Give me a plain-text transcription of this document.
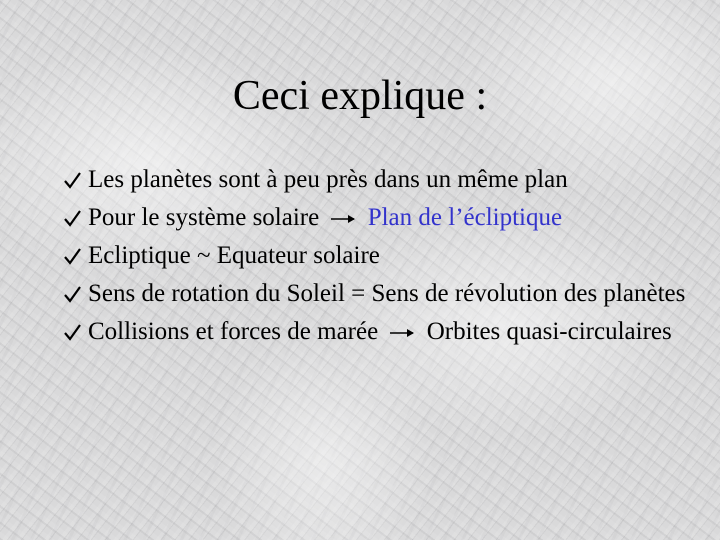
Ceci explique :
Les planètes sont à peu près dans un même plan
Pour le système solaire Plan de l’écliptique
Ecliptique ~ Equateur solaire
Sens de rotation du Soleil = Sens de révolution des planètes
Collisions et forces de marée Orbites quasi-circulaires
